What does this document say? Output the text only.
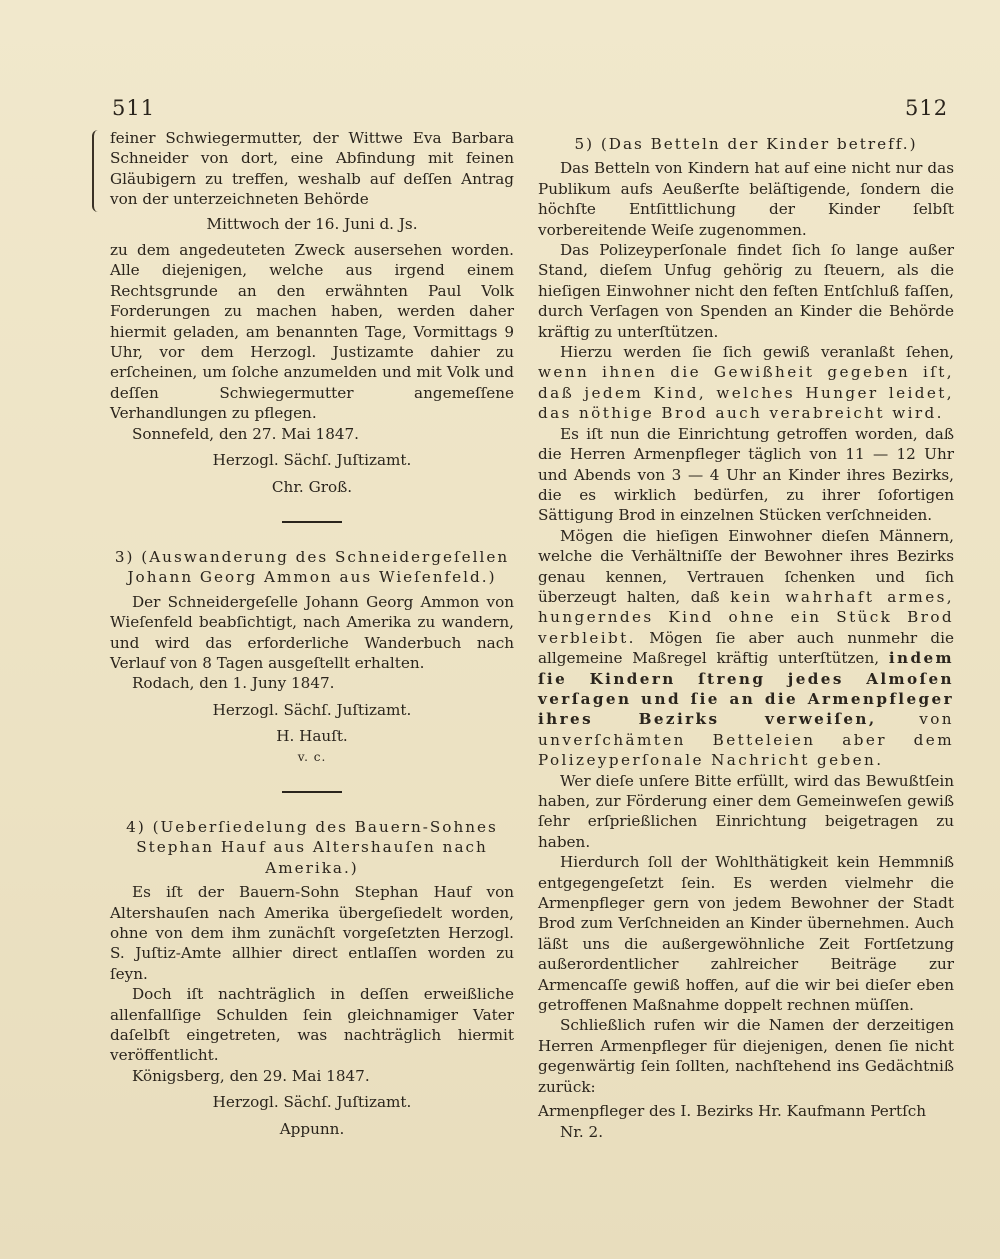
511	512

feiner Schwiegermutter, der Wittwe Eva Barbara Schneider von dort, eine Abfindung mit feinen Gläubigern zu treffen, weshalb auf deſſen Antrag von der unterzeichneten Behörde

Mittwoch der 16. Juni d. Js.

zu dem angedeuteten Zweck ausersehen worden. Alle diejenigen, welche aus irgend einem Rechtsgrunde an den erwähnten Paul Volk Forderungen zu machen haben, werden daher hiermit geladen, am benannten Tage, Vormittags 9 Uhr, vor dem Herzogl. Justizamte dahier zu erſcheinen, um ſolche anzumelden und mit Volk und deſſen Schwiegermutter angemeſſene Verhandlungen zu pflegen.

Sonnefeld, den 27. Mai 1847.

Herzogl. Sächſ. Juſtizamt.

Chr. Groß.

3) (Auswanderung des Schneidergeſellen Johann Georg Ammon aus Wieſenfeld.)

Der Schneidergeſelle Johann Georg Ammon von Wieſenfeld beabſichtigt, nach Amerika zu wandern, und wird das erforderliche Wanderbuch nach Verlauf von 8 Tagen ausgeſtellt erhalten.

Rodach, den 1. Juny 1847.

Herzogl. Sächſ. Juſtizamt.

H. Hauſt.

v. c.

4) (Ueberſiedelung des Bauern-Sohnes Stephan Hauf aus Altershauſen nach Amerika.)

Es iſt der Bauern-Sohn Stephan Hauf von Altershauſen nach Amerika übergeſiedelt worden, ohne von dem ihm zunächſt vorgeſetzten Herzogl. S. Juſtiz-Amte allhier direct entlaſſen worden zu ſeyn.

Doch iſt nachträglich in deſſen erweißliche allenfallſige Schulden ſein gleichnamiger Vater daſelbſt eingetreten, was nachträglich hiermit veröffentlicht.

Königsberg, den 29. Mai 1847.

Herzogl. Sächſ. Juſtizamt.

Appunn.

5) (Das Betteln der Kinder betreff.)

Das Betteln von Kindern hat auf eine nicht nur das Publikum aufs Aeußerſte beläſtigende, ſondern die höchſte Entſittlichung der Kinder ſelbſt vorbereitende Weiſe zugenommen.

Das Polizeyperſonale findet ſich ſo lange außer Stand, dieſem Unfug gehörig zu ſteuern, als die hieſigen Einwohner nicht den feſten Entſchluß faſſen, durch Verſagen von Spenden an Kinder die Behörde kräftig zu unterſtützen.

Hierzu werden ſie ſich gewiß veranlaßt ſehen, wenn ihnen die Gewißheit gegeben iſt, daß jedem Kind, welches Hunger leidet, das nöthige Brod auch verabreicht wird.

Es iſt nun die Einrichtung getroffen worden, daß die Herren Armenpfleger täglich von 11 — 12 Uhr und Abends von 3 — 4 Uhr an Kinder ihres Bezirks, die es wirklich bedürfen, zu ihrer ſofortigen Sättigung Brod in einzelnen Stücken verſchneiden.

Mögen die hieſigen Einwohner dieſen Männern, welche die Verhältniſſe der Bewohner ihres Bezirks genau kennen, Vertrauen ſchenken und ſich überzeugt halten, daß kein wahrhaft armes, hungerndes Kind ohne ein Stück Brod verbleibt. Mögen ſie aber auch nunmehr die allgemeine Maßregel kräftig unterſtützen, indem ſie Kindern ſtreng jedes Almoſen verſagen und ſie an die Armenpfleger ihres Bezirks verweiſen,	von unverſchämten Betteleien aber dem Polizeyperſonale Nachricht geben.

Wer dieſe unſere Bitte erfüllt, wird das Bewußtſein haben, zur Förderung einer dem Gemeinweſen gewiß ſehr erſprießlichen Einrichtung beigetragen zu haben.

Hierdurch ſoll der Wohlthätigkeit kein Hemmniß entgegengeſetzt ſein. Es werden vielmehr die Armenpfleger gern von jedem Bewohner der Stadt Brod zum Verſchneiden an Kinder übernehmen. Auch läßt uns die außergewöhnliche Zeit Fortſetzung außerordentlicher zahlreicher Beiträge zur Armencaſſe gewiß hoffen, auf die wir bei dieſer eben getroffenen Maßnahme doppelt rechnen müſſen.

Schließlich rufen wir die Namen der derzeitigen Herren Armenpfleger für diejenigen, denen ſie nicht gegenwärtig ſein ſollten, nachſtehend ins Gedächtniß zurück:

Armenpfleger des I. Bezirks Hr. Kaufmann Pertſch

Nr. 2.
